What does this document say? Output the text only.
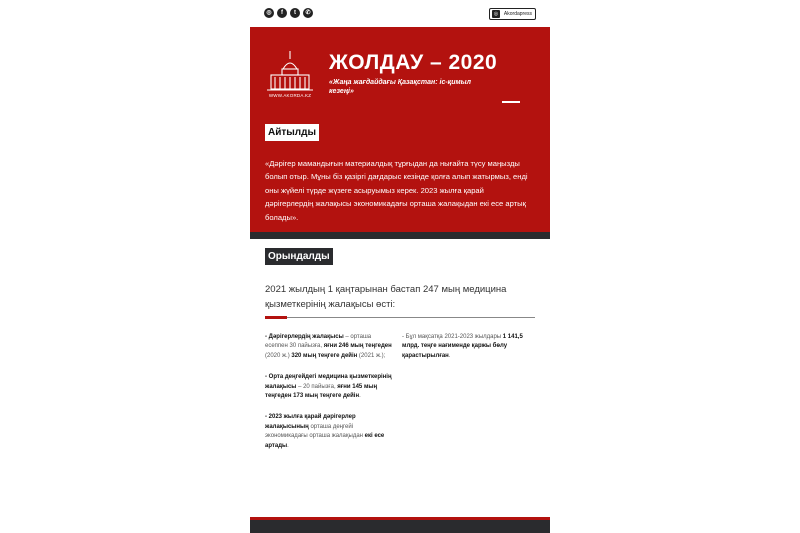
◎	f	t	✆	◎	Akordapress
WWW.AKORDA.KZ
ЖОЛДАУ – 2020
«Жаңа жағдайдағы Қазақстан: іс-қимыл кезеңі»
Айтылды
«Дәрігер мамандығын материалдық тұрғыдан да нығайта түсу маңызды болып отыр. Мұны біз қазіргі дағдарыс кезінде қолға алып жатырмыз, енді оны жүйелі түрде жүзеге асыруымыз керек. 2023 жылға қарай дәрігерлердің жалақысы экономикадағы орташа жалақыдан екі есе артық болады».
Орындалды
2021 жылдың 1 қаңтарынан бастап 247 мың медицина қызметкерінің жалақысы өсті:
- Дәрігерлердің жалақысы – орташа есеппен 30 пайызға, яғни 246 мың теңгеден (2020 ж.) 320 мың теңгеге дейін (2021 ж.);
- Орта деңгейдегі медицина қызметкерінің жалақысы – 20 пайызға, яғни 145 мың теңгеден 173 мың теңгеге дейін.
- 2023 жылға қарай дәрігерлер жалақысының орташа деңгейі экономикадағы орташа жалақыдан екі есе артады.
- Бұл мақсатқа 2021-2023 жылдары 1 141,5 млрд. теңге нағименде қаржы бөлу қарастырылған.
